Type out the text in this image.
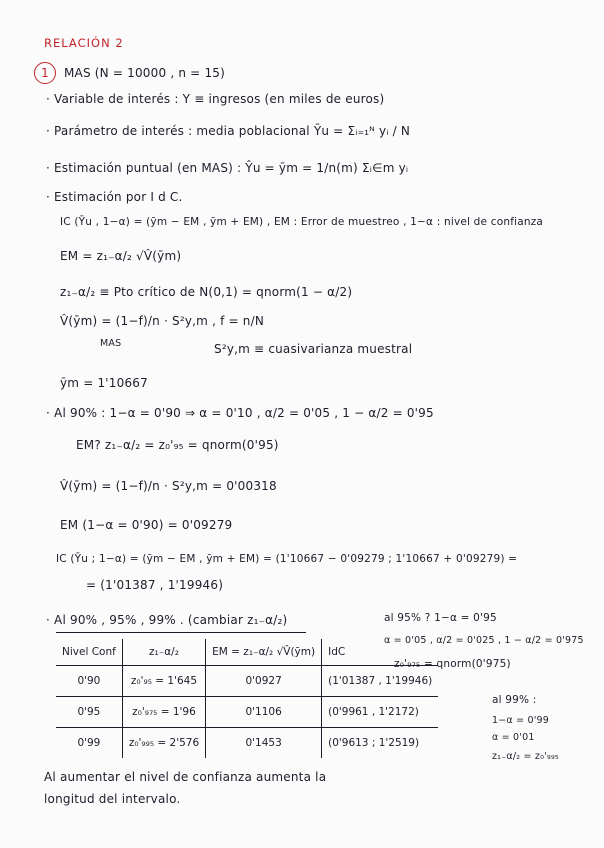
RELACIÓN 2
1	MAS (N = 10000 , n = 15)
· Variable de interés : Y ≡ ingresos (en miles de euros)
· Parámetro de interés : media poblacional Ȳu = Σᵢ₌₁ᴺ yᵢ / N
· Estimación puntual (en MAS) : Ŷu = ȳm = 1/n(m) Σᵢ∈m yᵢ
· Estimación por I d C.
IC (Ȳu , 1−α) = (ȳm − EM , ȳm + EM) , EM : Error de muestreo , 1−α : nivel de confianza
EM = z₁₋α/₂ √V̂(ȳm)
z₁₋α/₂ ≡ Pto crítico de N(0,1) = qnorm(1 − α/2)
V̂(ȳm) = (1−f)/n · S²y,m , f = n/N
MAS	S²y,m ≡ cuasivarianza muestral
ȳm = 1'10667
· Al 90% : 1−α = 0'90 ⇒ α = 0'10 , α/2 = 0'05 , 1 − α/2 = 0'95
EM? z₁₋α/₂ = z₀'₉₅ = qnorm(0'95)
V̂(ȳm) = (1−f)/n · S²y,m = 0'00318
EM (1−α = 0'90) = 0'09279
IC (Ȳu ; 1−α) = (ȳm − EM , ȳm + EM) = (1'10667 − 0'09279 ; 1'10667 + 0'09279) =
= (1'01387 , 1'19946)
· Al 90% , 95% , 99% . (cambiar z₁₋α/₂)
Nivel Conf	z₁₋α/₂	EM = z₁₋α/₂ √V̂(ȳm)	IdC
0'90	z₀'₉₅ = 1'645	0'0927	(1'01387 , 1'19946)
0'95	z₀'₉₇₅ = 1'96	0'1106	(0'9961 , 1'2172)
0'99	z₀'₉₉₅ = 2'576	0'1453	(0'9613 ; 1'2519)
al 95% ? 1−α = 0'95
α = 0'05 , α/2 = 0'025 , 1 − α/2 = 0'975
z₀'₉₇₅ = qnorm(0'975)
al 99% :
1−α = 0'99
α = 0'01
z₁₋α/₂ = z₀'₉₉₅
Al aumentar el nivel de confianza aumenta la
longitud del intervalo.
